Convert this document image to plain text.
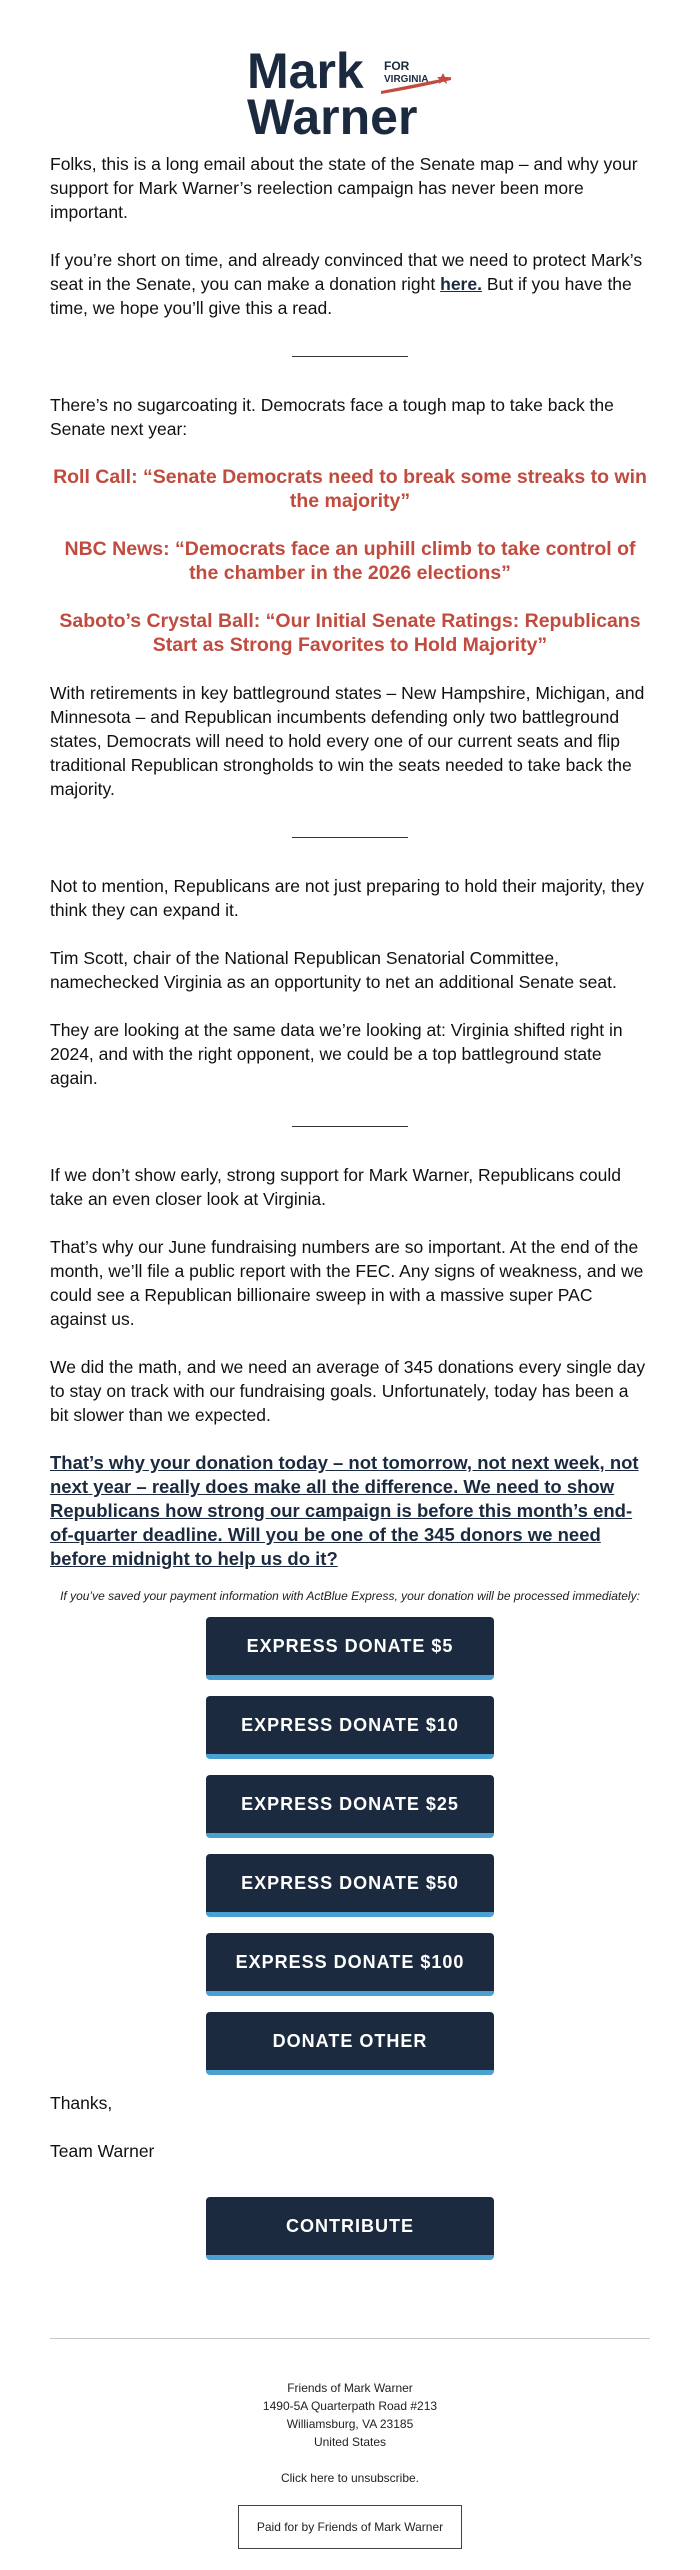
Mark FOR
VIRGINIA
Warner

Folks, this is a long email about the state of the Senate map – and why your support for Mark Warner’s reelection campaign has never been more important.

If you’re short on time, and already convinced that we need to protect Mark’s seat in the Senate, you can make a donation right here. But if you have the time, we hope you’ll give this a read.

There’s no sugarcoating it. Democrats face a tough map to take back the Senate next year:

Roll Call: “Senate Democrats need to break some streaks to win the majority”

NBC News: “Democrats face an uphill climb to take control of the chamber in the 2026 elections”

Saboto’s Crystal Ball: “Our Initial Senate Ratings: Republicans Start as Strong Favorites to Hold Majority”

With retirements in key battleground states – New Hampshire, Michigan, and Minnesota – and Republican incumbents defending only two battleground states, Democrats will need to hold every one of our current seats and flip traditional Republican strongholds to win the seats needed to take back the majority.

Not to mention, Republicans are not just preparing to hold their majority, they think they can expand it.

Tim Scott, chair of the National Republican Senatorial Committee, namechecked Virginia as an opportunity to net an additional Senate seat.

They are looking at the same data we’re looking at: Virginia shifted right in 2024, and with the right opponent, we could be a top battleground state again.

If we don’t show early, strong support for Mark Warner, Republicans could take an even closer look at Virginia.

That’s why our June fundraising numbers are so important. At the end of the month, we’ll file a public report with the FEC. Any signs of weakness, and we could see a Republican billionaire sweep in with a massive super PAC against us.

We did the math, and we need an average of 345 donations every single day to stay on track with our fundraising goals. Unfortunately, today has been a bit slower than we expected.

That’s why your donation today – not tomorrow, not next week, not next year – really does make all the difference. We need to show Republicans how strong our campaign is before this month’s end-of-quarter deadline. Will you be one of the 345 donors we need before midnight to help us do it?

If you’ve saved your payment information with ActBlue Express, your donation will be processed immediately:

EXPRESS DONATE $5
EXPRESS DONATE $10
EXPRESS DONATE $25
EXPRESS DONATE $50
EXPRESS DONATE $100
DONATE OTHER

Thanks,

Team Warner

CONTRIBUTE
Friends of Mark Warner
1490-5A Quarterpath Road #213
Williamsburg, VA 23185
United States
Click here to unsubscribe.
Paid for by Friends of Mark Warner
